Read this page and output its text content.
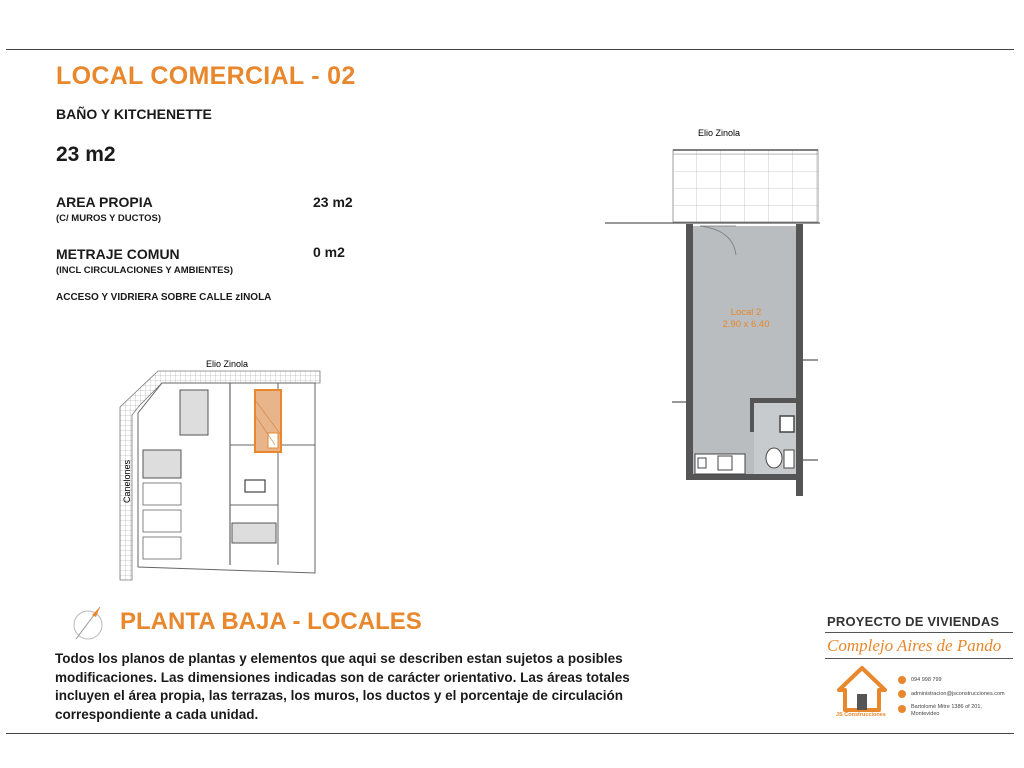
LOCAL COMERCIAL - 02
BAÑO Y KITCHENETTE
23 m2
AREA PROPIA
(C/ MUROS Y DUCTOS)
23 m2
METRAJE COMUN
(INCL CIRCULACIONES Y AMBIENTES)
0 m2
ACCESO Y VIDRIERA SOBRE CALLE zINOLA
Elio Zinola
Canelones
Elio Zinola
Local 2
2.90 x 6.40
PLANTA BAJA - LOCALES
Todos los planos de plantas y elementos que aqui se describen estan sujetos a posibles modificaciones. Las dimensiones indicadas son de carácter orientativo. Las áreas totales incluyen el área propia, las terrazas, los muros, los ductos y el porcentaje de circulación correspondiente a cada unidad.
PROYECTO DE VIVIENDAS
Complejo Aires de Pando
JS Construcciones
094 998 799
administracion@jsconstrucciones.com
Bartolomé Mitre 1386 of 201, Montevideo
